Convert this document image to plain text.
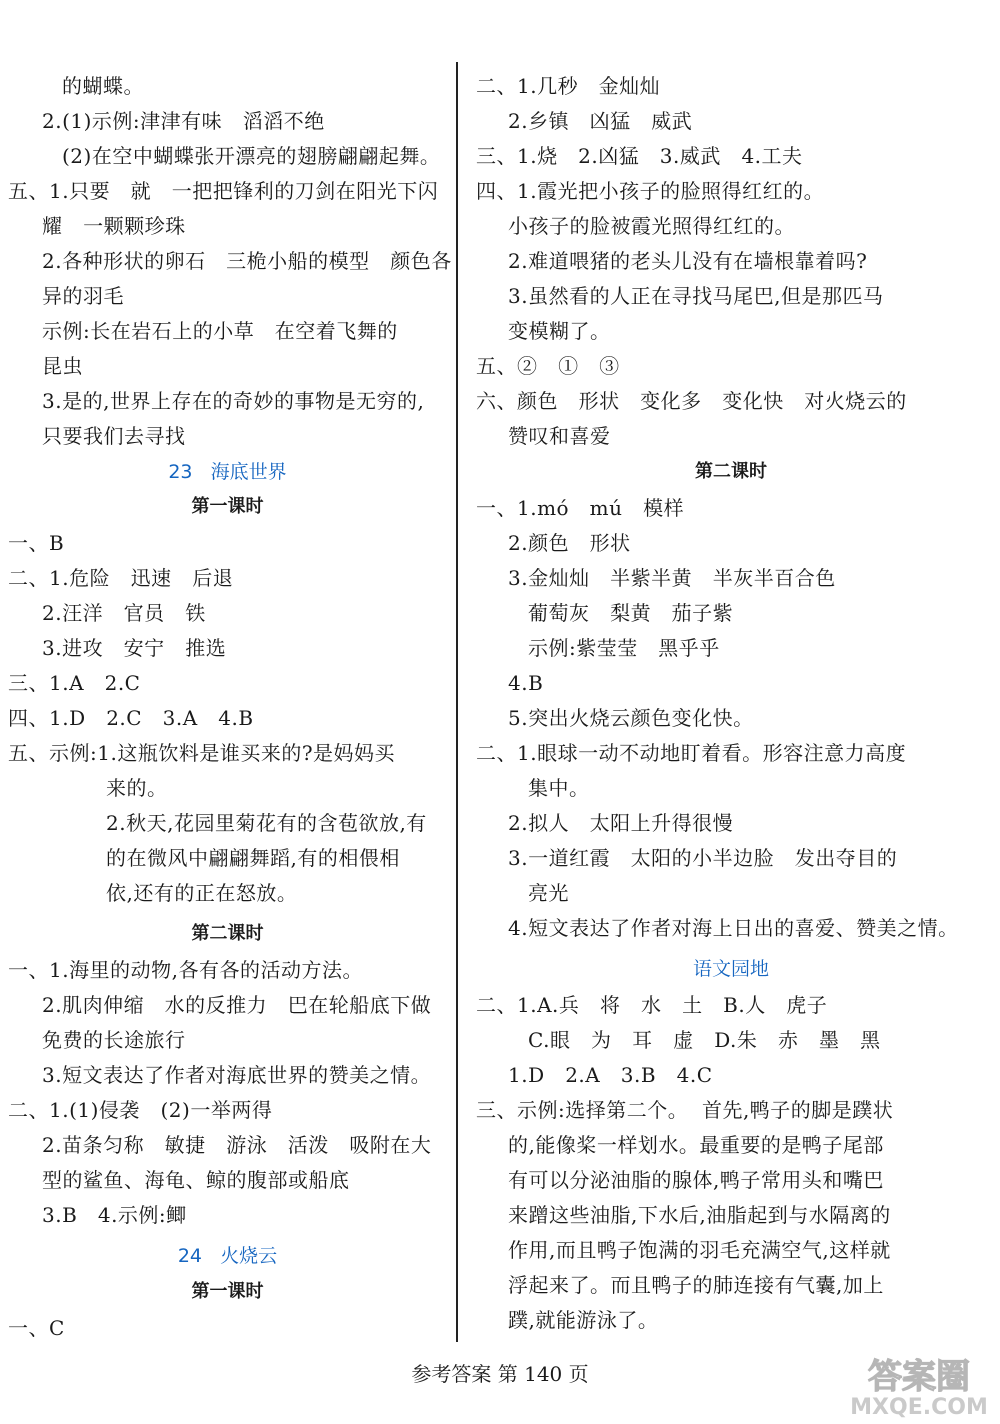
的蝴蝶。
2.(1)示例:津津有味   滔滔不绝
(2)在空中蝴蝶张开漂亮的翅膀翩翩起舞。
五、1.只要   就   一把把锋利的刀剑在阳光下闪
耀   一颗颗珍珠
2.各种形状的卵石   三桅小船的模型   颜色各
异的羽毛
示例:长在岩石上的小草   在空着飞舞的
昆虫
3.是的,世界上存在的奇妙的事物是无穷的,
只要我们去寻找
23   海底世界
第一课时
一、B
二、1.危险   迅速   后退
2.汪洋   官员   铁
3.进攻   安宁   推选
三、1.A   2.C
四、1.D   2.C   3.A   4.B
五、示例:1.这瓶饮料是谁买来的?是妈妈买
来的。
2.秋天,花园里菊花有的含苞欲放,有
的在微风中翩翩舞蹈,有的相偎相
依,还有的正在怒放。
第二课时
一、1.海里的动物,各有各的活动方法。
2.肌肉伸缩   水的反推力   巴在轮船底下做
免费的长途旅行
3.短文表达了作者对海底世界的赞美之情。
二、1.(1)侵袭   (2)一举两得
2.苗条匀称   敏捷   游泳   活泼   吸附在大
型的鲨鱼、海龟、鲸的腹部或船底
3.B   4.示例:鲫
24   火烧云
第一课时
一、C
二、1.几秒   金灿灿
2.乡镇   凶猛   威武
三、1.烧   2.凶猛   3.威武   4.工夫
四、1.霞光把小孩子的脸照得红红的。
小孩子的脸被霞光照得红红的。
2.难道喂猪的老头儿没有在墙根靠着吗?
3.虽然看的人正在寻找马尾巴,但是那匹马
变模糊了。
五、②   ①   ③
六、颜色   形状   变化多   变化快   对火烧云的
赞叹和喜爱
第二课时
一、1.mó   mú   模样
2.颜色   形状
3.金灿灿   半紫半黄   半灰半百合色
葡萄灰   梨黄   茄子紫
示例:紫莹莹   黑乎乎
4.B
5.突出火烧云颜色变化快。
二、1.眼球一动不动地盯着看。形容注意力高度
集中。
2.拟人   太阳上升得很慢
3.一道红霞   太阳的小半边脸   发出夺目的
亮光
4.短文表达了作者对海上日出的喜爱、赞美之情。
语文园地
二、1.A.兵   将   水   土   B.人   虎子
C.眼   为   耳   虚   D.朱   赤   墨   黑
1.D   2.A   3.B   4.C
三、示例:选择第二个。  首先,鸭子的脚是蹼状
的,能像桨一样划水。最重要的是鸭子尾部
有可以分泌油脂的腺体,鸭子常用头和嘴巴
来蹭这些油脂,下水后,油脂起到与水隔离的
作用,而且鸭子饱满的羽毛充满空气,这样就
浮起来了。而且鸭子的肺连接有气囊,加上
蹼,就能游泳了。
参考答案 第 140 页	答案圈
MXQE.COM
